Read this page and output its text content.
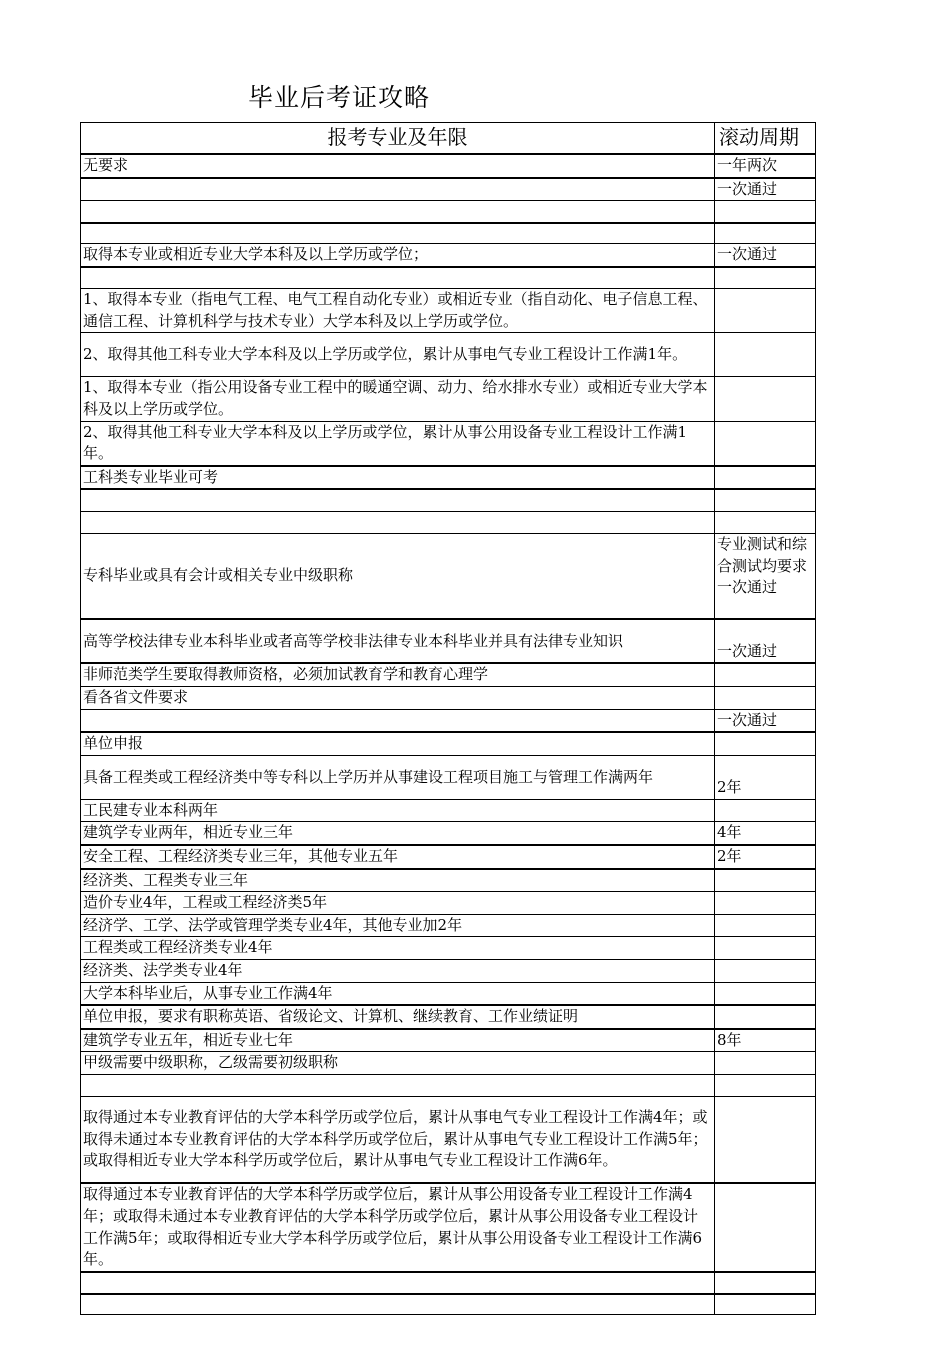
毕业后考证攻略
报考专业及年限	滚动周期
无要求	一年两次
	一次通过

取得本专业或相近专业大学本科及以上学历或学位；	一次通过

1、取得本专业（指电气工程、电气工程自动化专业）或相近专业（指自动化、电子信息工程、通信工程、计算机科学与技术专业）大学本科及以上学历或学位。	
2、取得其他工科专业大学本科及以上学历或学位，累计从事电气专业工程设计工作满1年。	
1、取得本专业（指公用设备专业工程中的暖通空调、动力、给水排水专业）或相近专业大学本科及以上学历或学位。	
2、取得其他工科专业大学本科及以上学历或学位，累计从事公用设备专业工程设计工作满1年。	
工科类专业毕业可考	

专科毕业或具有会计或相关专业中级职称	专业测试和综合测试均要求一次通过
高等学校法律专业本科毕业或者高等学校非法律专业本科毕业并具有法律专业知识	一次通过
非师范类学生要取得教师资格，必须加试教育学和教育心理学	
看各省文件要求	
	一次通过
单位申报	
具备工程类或工程经济类中等专科以上学历并从事建设工程项目施工与管理工作满两年	2年
工民建专业本科两年	
建筑学专业两年，相近专业三年	4年
安全工程、工程经济类专业三年，其他专业五年	2年
经济类、工程类专业三年	
造价专业4年，工程或工程经济类5年	
经济学、工学、法学或管理学类专业4年，其他专业加2年	
工程类或工程经济类专业4年	
经济类、法学类专业4年	
大学本科毕业后，从事专业工作满4年	
单位申报，要求有职称英语、省级论文、计算机、继续教育、工作业绩证明	
建筑学专业五年，相近专业七年	8年
甲级需要中级职称，乙级需要初级职称	

取得通过本专业教育评估的大学本科学历或学位后，累计从事电气专业工程设计工作满4年；或取得未通过本专业教育评估的大学本科学历或学位后，累计从事电气专业工程设计工作满5年；或取得相近专业大学本科学历或学位后，累计从事电气专业工程设计工作满6年。	
取得通过本专业教育评估的大学本科学历或学位后，累计从事公用设备专业工程设计工作满4年；或取得未通过本专业教育评估的大学本科学历或学位后，累计从事公用设备专业工程设计工作满5年；或取得相近专业大学本科学历或学位后，累计从事公用设备专业工程设计工作满6年。	
